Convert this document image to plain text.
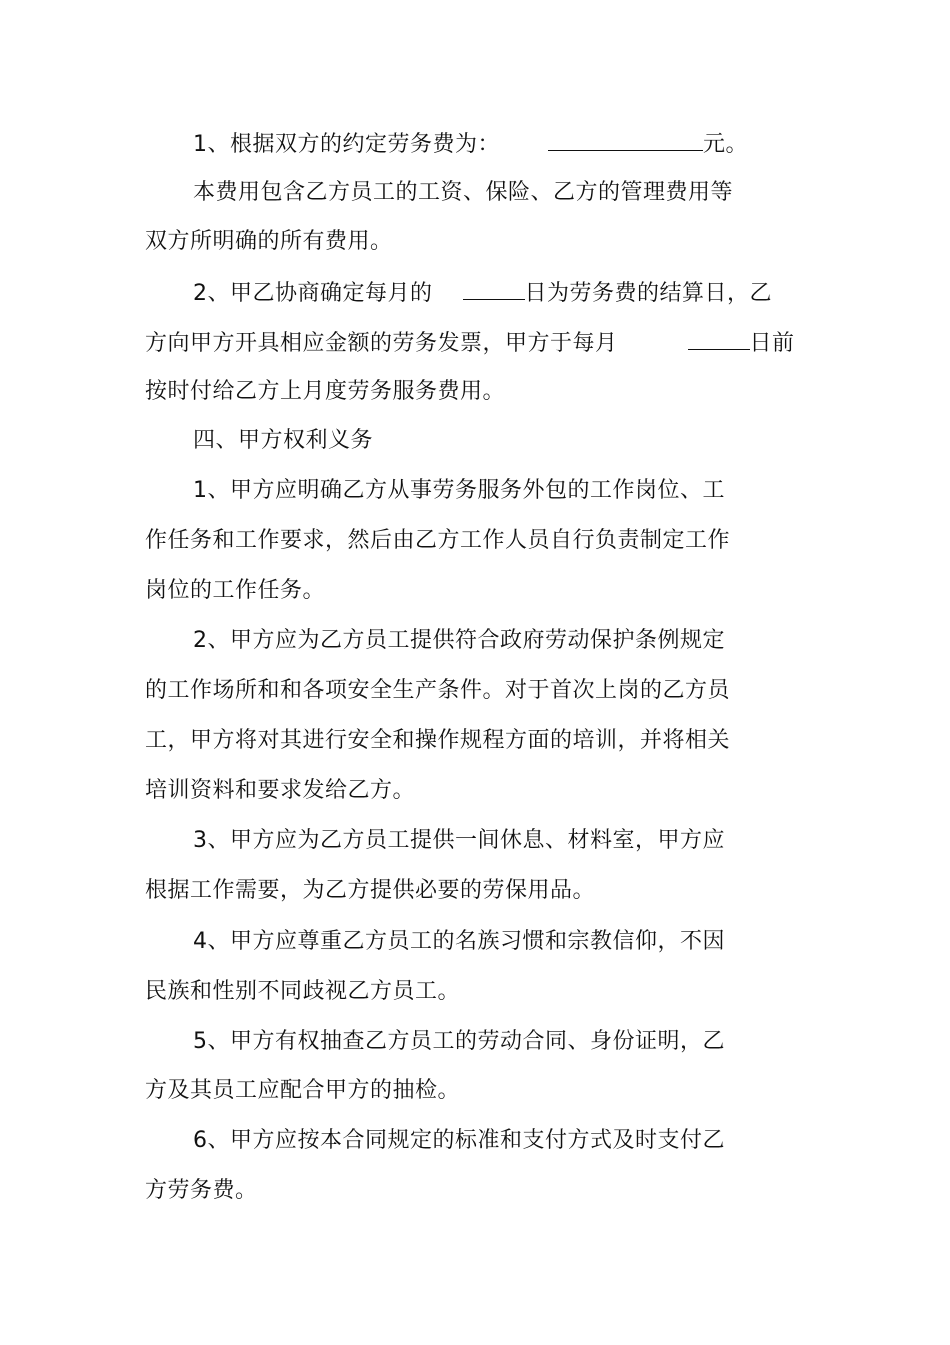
1、根据双方的约定劳务费为：	元。
本费用包含乙方员工的工资、保险、乙方的管理费用等
双方所明确的所有费用。
2、甲乙协商确定每月的	日为劳务费的结算日，乙
方向甲方开具相应金额的劳务发票，甲方于每月	日前
按时付给乙方上月度劳务服务费用。
四、甲方权利义务
1、甲方应明确乙方从事劳务服务外包的工作岗位、工
作任务和工作要求，然后由乙方工作人员自行负责制定工作
岗位的工作任务。
2、甲方应为乙方员工提供符合政府劳动保护条例规定
的工作场所和和各项安全生产条件。对于首次上岗的乙方员
工，甲方将对其进行安全和操作规程方面的培训，并将相关
培训资料和要求发给乙方。
3、甲方应为乙方员工提供一间休息、材料室，甲方应
根据工作需要，为乙方提供必要的劳保用品。
4、甲方应尊重乙方员工的名族习惯和宗教信仰，不因
民族和性别不同歧视乙方员工。
5、甲方有权抽查乙方员工的劳动合同、身份证明，乙
方及其员工应配合甲方的抽检。
6、甲方应按本合同规定的标准和支付方式及时支付乙
方劳务费。
